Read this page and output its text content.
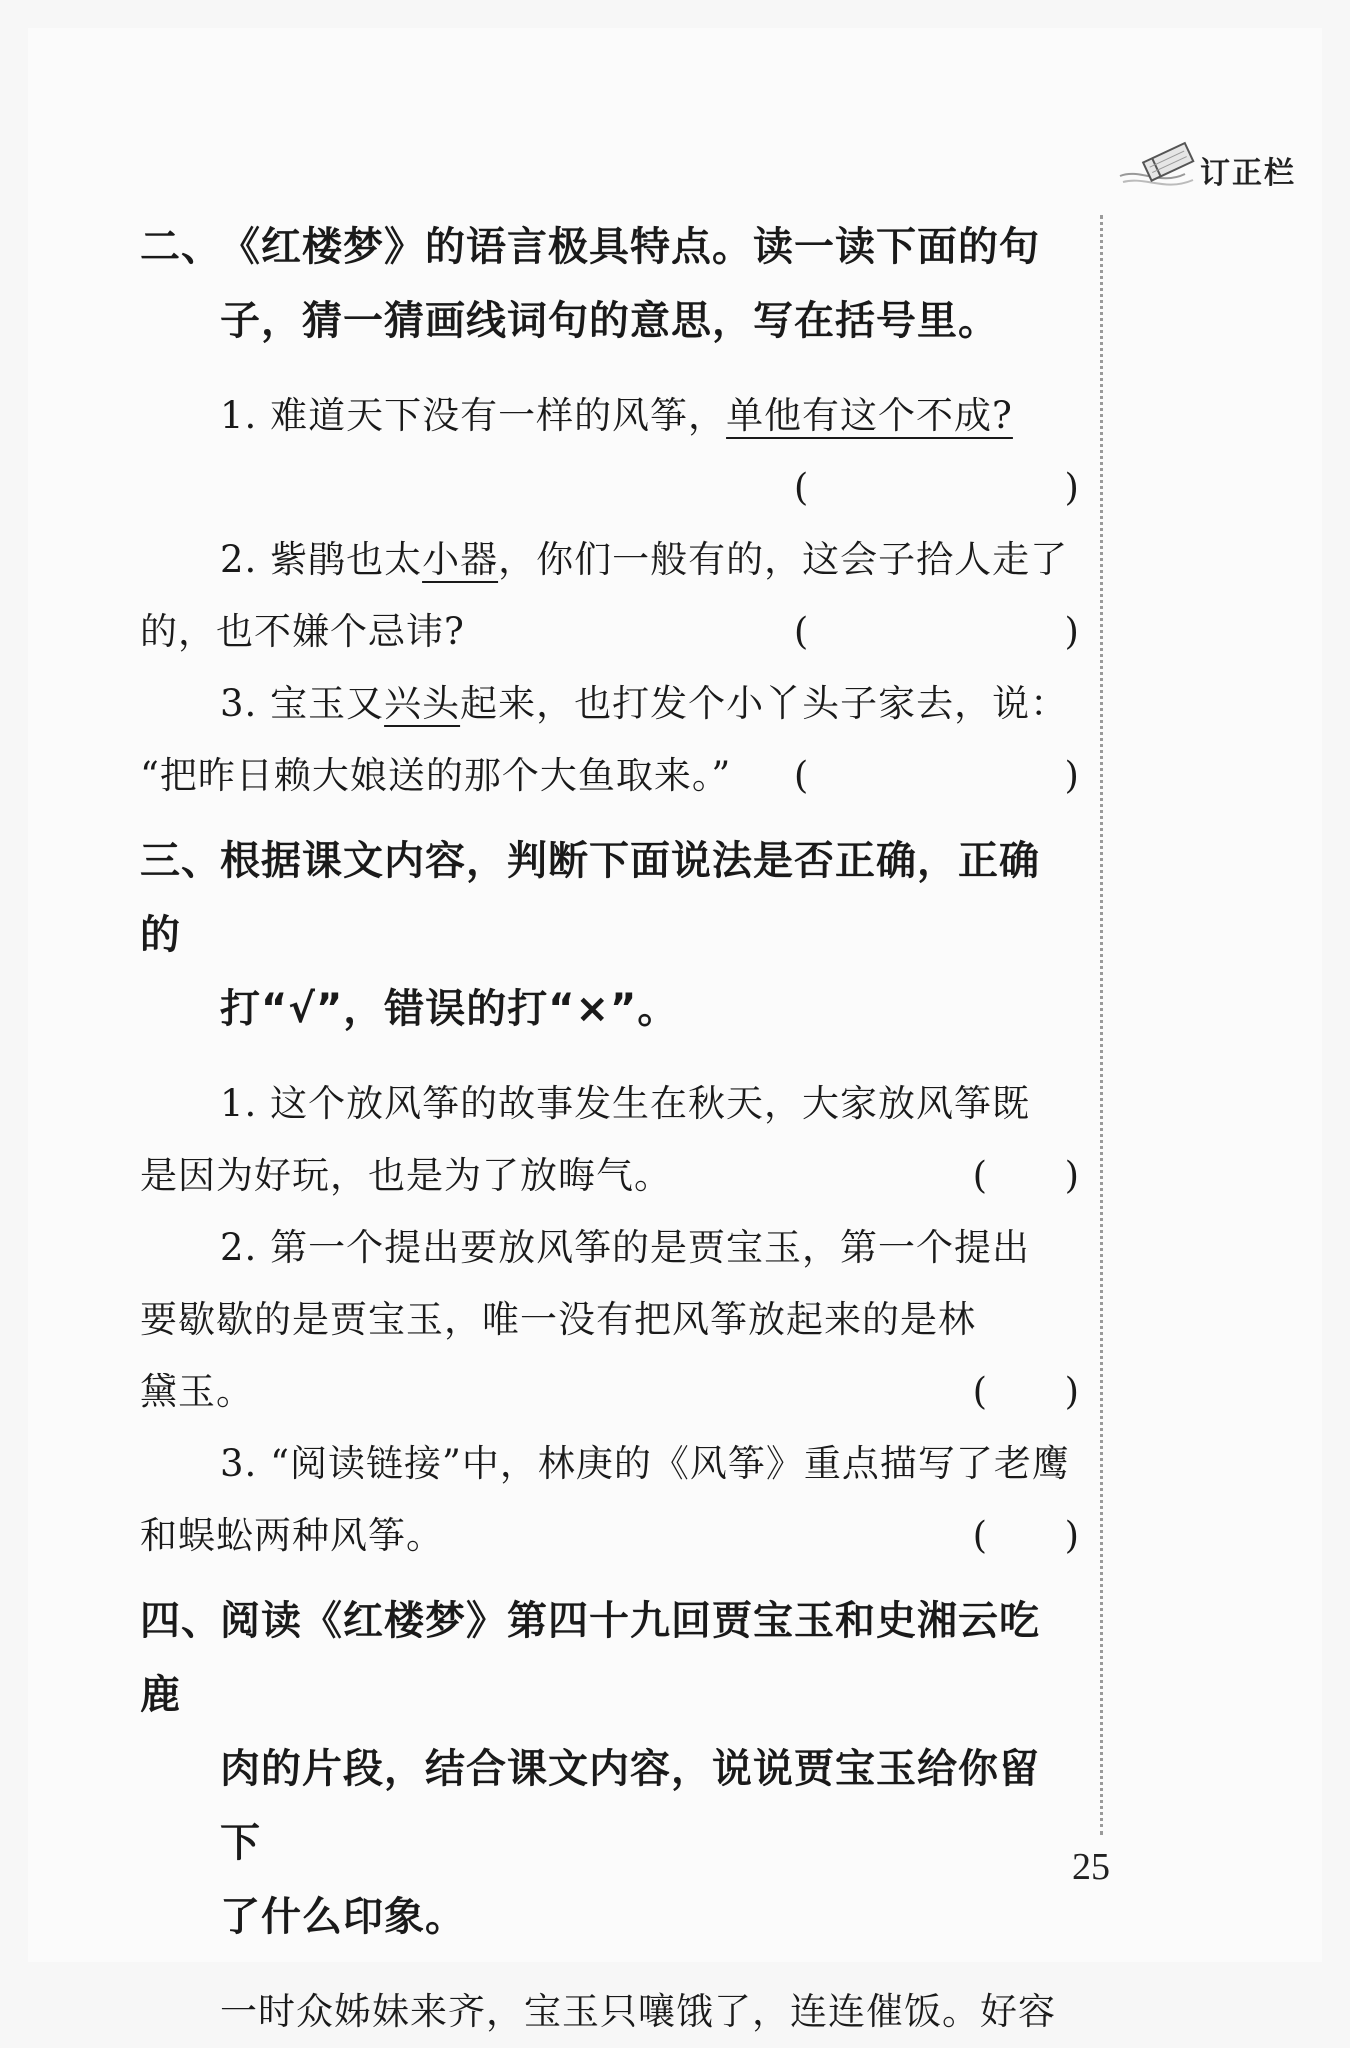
订正栏
二、《红楼梦》的语言极具特点。读一读下面的句
子，猜一猜画线词句的意思，写在括号里。
1. 难道天下没有一样的风筝，单他有这个不成?
(                    )
2. 紫鹃也太小器，你们一般有的，这会子拾人走了
的，也不嫌个忌讳?	(                    )
3. 宝玉又兴头起来，也打发个小丫头子家去，说：
“把昨日赖大娘送的那个大鱼取来。” (                    )
三、根据课文内容，判断下面说法是否正确，正确的
打“√”，错误的打“×”。
1. 这个放风筝的故事发生在秋天，大家放风筝既
是因为好玩，也是为了放晦气。	(      )
2. 第一个提出要放风筝的是贾宝玉，第一个提出
要歇歇的是贾宝玉，唯一没有把风筝放起来的是林
黛玉。	(      )
3. “阅读链接”中，林庚的《风筝》重点描写了老鹰
和蜈蚣两种风筝。	(      )
四、阅读《红楼梦》第四十九回贾宝玉和史湘云吃鹿
肉的片段，结合课文内容，说说贾宝玉给你留下
了什么印象。
一时众姊妹来齐，宝玉只嚷饿了，连连催饭。好容
25
